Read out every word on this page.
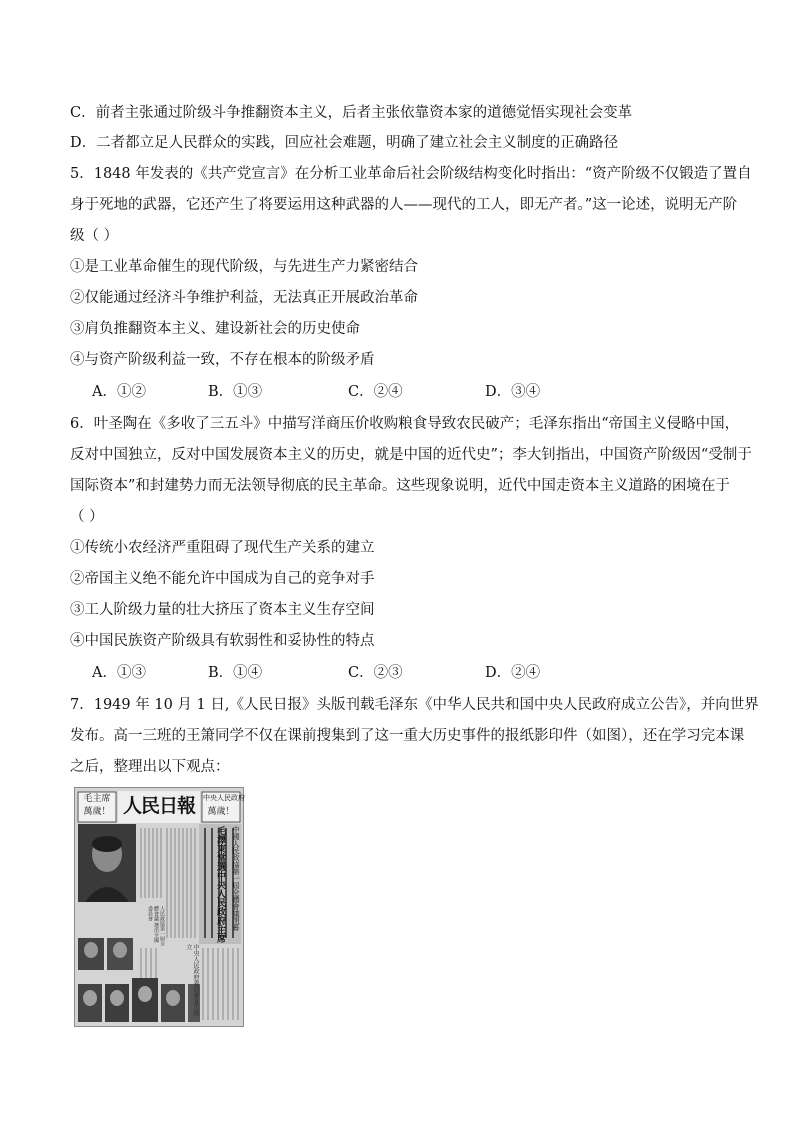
C．前者主张通过阶级斗争推翻资本主义，后者主张依靠资本家的道德觉悟实现社会变革
D．二者都立足人民群众的实践，回应社会难题，明确了建立社会主义制度的正确路径
5．1848 年发表的《共产党宣言》在分析工业革命后社会阶级结构变化时指出：“资产阶级不仅锻造了置自
身于死地的武器，它还产生了将要运用这种武器的人——现代的工人，即无产者。”这一论述，说明无产阶
级（ ）
①是工业革命催生的现代阶级，与先进生产力紧密结合
②仅能通过经济斗争维护利益，无法真正开展政治革命
③肩负推翻资本主义、建设新社会的历史使命
④与资产阶级利益一致，不存在根本的阶级矛盾
A．①②	B．①③	C．②④	D．③④
6．叶圣陶在《多收了三五斗》中描写洋商压价收购粮食导致农民破产；毛泽东指出“帝国主义侵略中国，
反对中国独立，反对中国发展资本主义的历史，就是中国的近代史”；李大钊指出，中国资产阶级因“受制于
国际资本”和封建势力而无法领导彻底的民主革命。这些现象说明，近代中国走资本主义道路的困境在于
（ ）
①传统小农经济严重阻碍了现代生产关系的建立
②帝国主义绝不能允许中国成为自己的竞争对手
③工人阶级力量的壮大挤压了资本主义生存空间
④中国民族资产阶级具有软弱性和妥协性的特点
A．①③	B．①④	C．②③	D．②④
7．1949 年 10 月 1 日,《人民日报》头版刊载毛泽东《中华人民共和国中央人民政府成立公告》，并向世界
发布。高一三班的王箫同学不仅在课前搜集到了这一重大历史事件的报纸影印件（如图），还在学习完本课
之后，整理出以下观点：
人民日報
毛主席
萬歲！
中央人民政府
萬歲！
中國人民政協第一屆全體會議閉幕
毛澤東當選中央人民政府主席
人民政協第一屆全體會議 選出全國委員會
中央人民政府委員會宣告成立
